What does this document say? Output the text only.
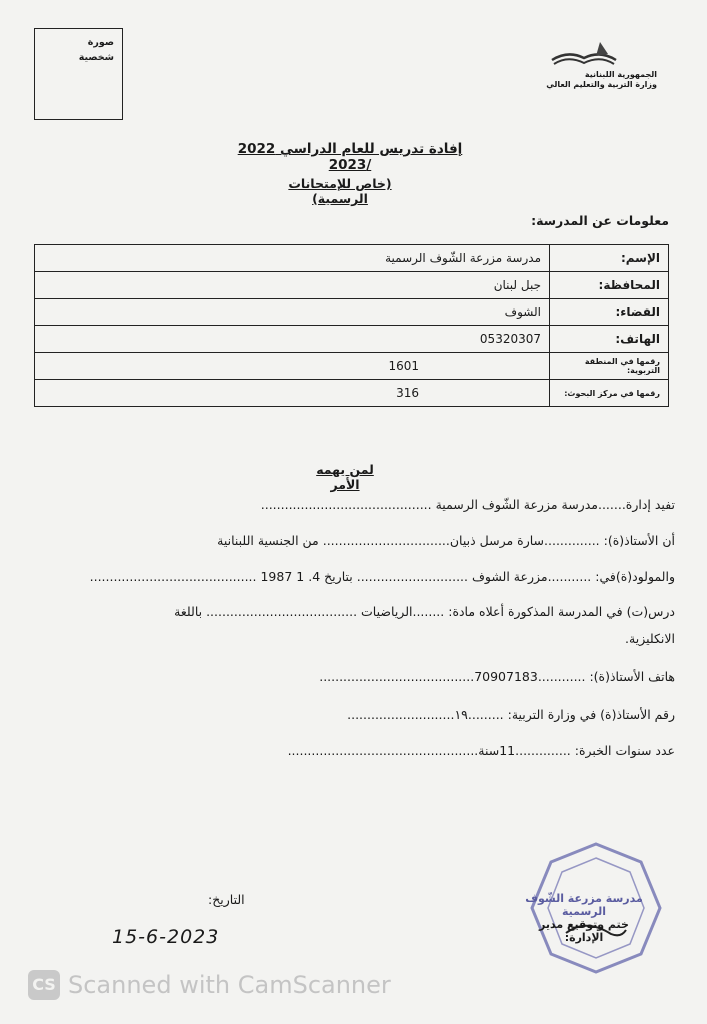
صورة
شخصية
الجمهورية اللبنانية
وزارة التربية والتعليم العالي
إفادة تدريس للعام الدراسي 2022 /2023
(خاص للإمتحانات الرسمية)
معلومات عن المدرسة:
الإسم:	مدرسة مزرعة الشّوف الرسمية
المحافظة:	جبل لبنان
القضاء:	الشوف
الهاتف:	05320307
رقمها في المنطقة التربوية:	1601
رقمها في مركز البحوث:	316
لمن يهمه الأمر
تفيد إدارة.......مدرسة مزرعة الشّوف الرسمية ...........................................
أن الأستاذ(ة): ..............سارة مرسل ذبيان................................ من الجنسية اللبنانية
والمولود(ة)في: ...........مزرعة الشوف ............................ بتاريخ 4. 1 1987 ..........................................
درس(ت) في المدرسة المذكورة أعلاه مادة: ........الرياضيات ...................................... باللغة
الانكليزية.
هاتف الأستاذ(ة): ............70907183.......................................
رقم الأستاذ(ة) في وزارة التربية: .........١٩...........................
عدد سنوات الخبرة: ..............11سنة................................................
التاريخ:
15-6-2023
مدرسة مزرعة الشّوف الرسمية
ختم وتوقيع مدير الإدارة:
CS Scanned with CamScanner
